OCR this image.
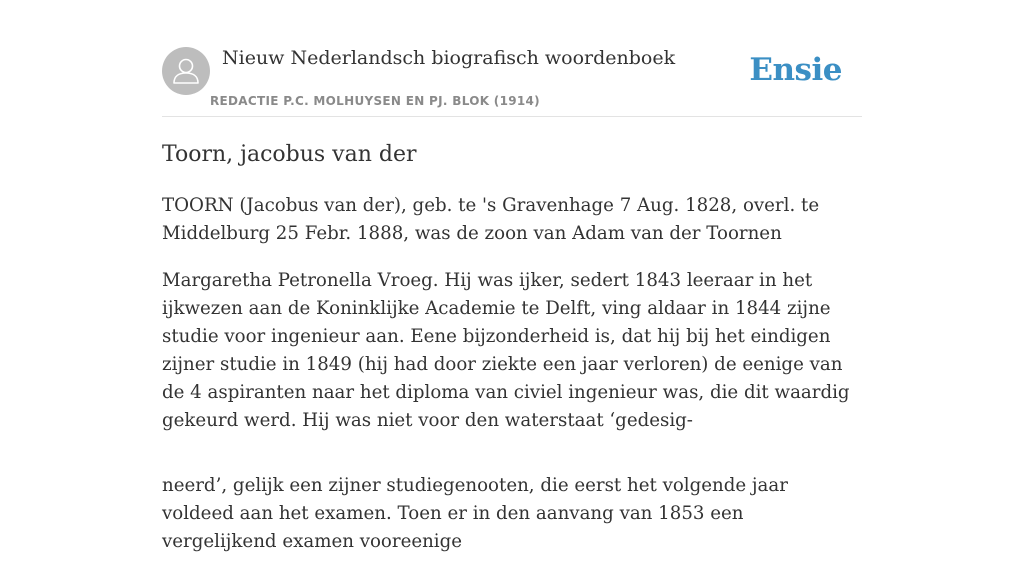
Nieuw Nederlandsch biografisch woordenboek
REDACTIE P.C. MOLHUYSEN EN PJ. BLOK (1914)
Ensie
Toorn, jacobus van der

TOORN (Jacobus van der), geb. te 's Gravenhage 7 Aug. 1828, overl. te Middelburg 25 Febr. 1888, was de zoon van Adam van der Toornen

Margaretha Petronella Vroeg. Hij was ijker, sedert 1843 leeraar in het ijkwezen aan de Koninklijke Academie te Delft, ving aldaar in 1844 zijne studie voor ingenieur aan. Eene bijzonderheid is, dat hij bij het eindigen zijner studie in 1849 (hij had door ziekte een jaar verloren) de eenige van de 4 aspiranten naar het diploma van civiel ingenieur was, die dit waardig gekeurd werd. Hij was niet voor den waterstaat ‘gedesig-

neerd’, gelijk een zijner studiegenooten, die eerst het volgende jaar voldeed aan het examen. Toen er in den aanvang van 1853 een vergelijkend examen vooreenige
